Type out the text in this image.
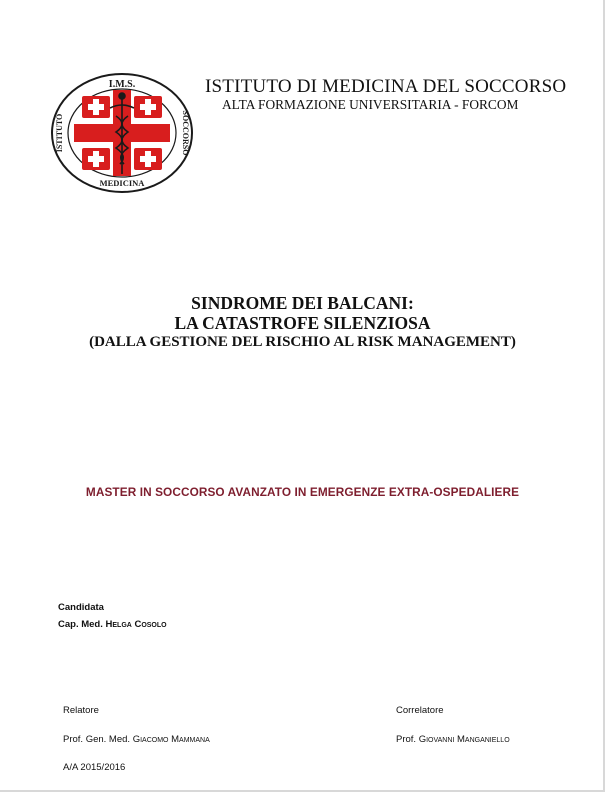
I.M.S.
MEDICINA
ISTITUTO	SOCCORSO
ISTITUTO DI MEDICINA DEL SOCCORSO
ALTA FORMAZIONE UNIVERSITARIA - FORCOM
SINDROME DEI BALCANI:
LA CATASTROFE SILENZIOSA
(DALLA GESTIONE DEL RISCHIO AL RISK MANAGEMENT)
MASTER IN SOCCORSO AVANZATO IN EMERGENZE EXTRA-OSPEDALIERE
Candidata
Cap. Med. Helga Cosolo
Relatore
Prof. Gen. Med. Giacomo Mammana
Correlatore
Prof. Giovanni Manganiello
A/A 2015/2016
